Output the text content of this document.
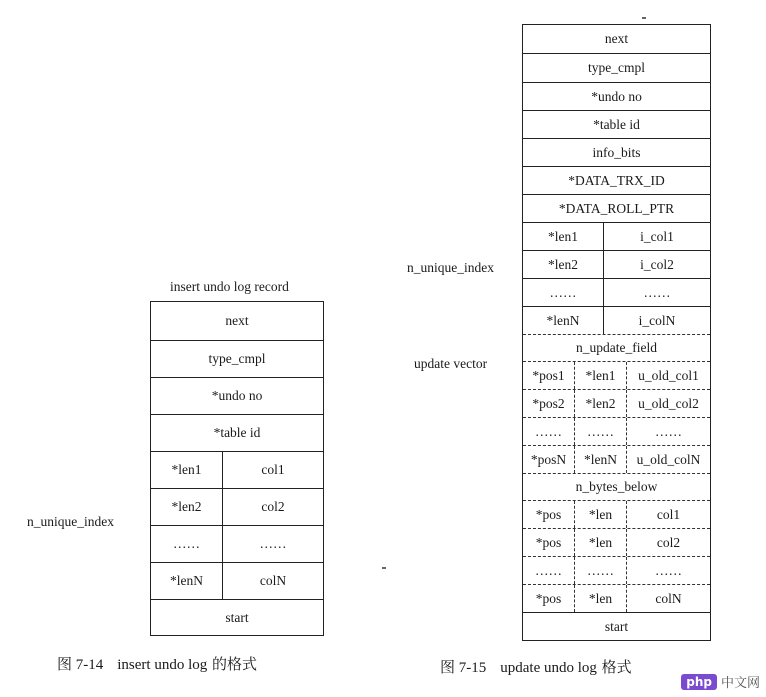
insert undo log record
next
type_cmpl
*undo no
*table id
*len1	col1
*len2	col2
……	……
*lenN	colN
start
n_unique_index
图 7-14 insert undo log 的格式
next
type_cmpl
*undo no
*table id
info_bits
*DATA_TRX_ID
*DATA_ROLL_PTR
*len1	i_col1
*len2	i_col2
……	……
*lenN	i_colN
n_update_field
*pos1	*len1	u_old_col1
*pos2	*len2	u_old_col2
……	……	……
*posN	*lenN	u_old_colN
n_bytes_below
*pos	*len	col1
*pos	*len	col2
……	……	……
*pos	*len	colN
start
n_unique_index
update vector
图 7-15 update undo log 格式
php 中文网
